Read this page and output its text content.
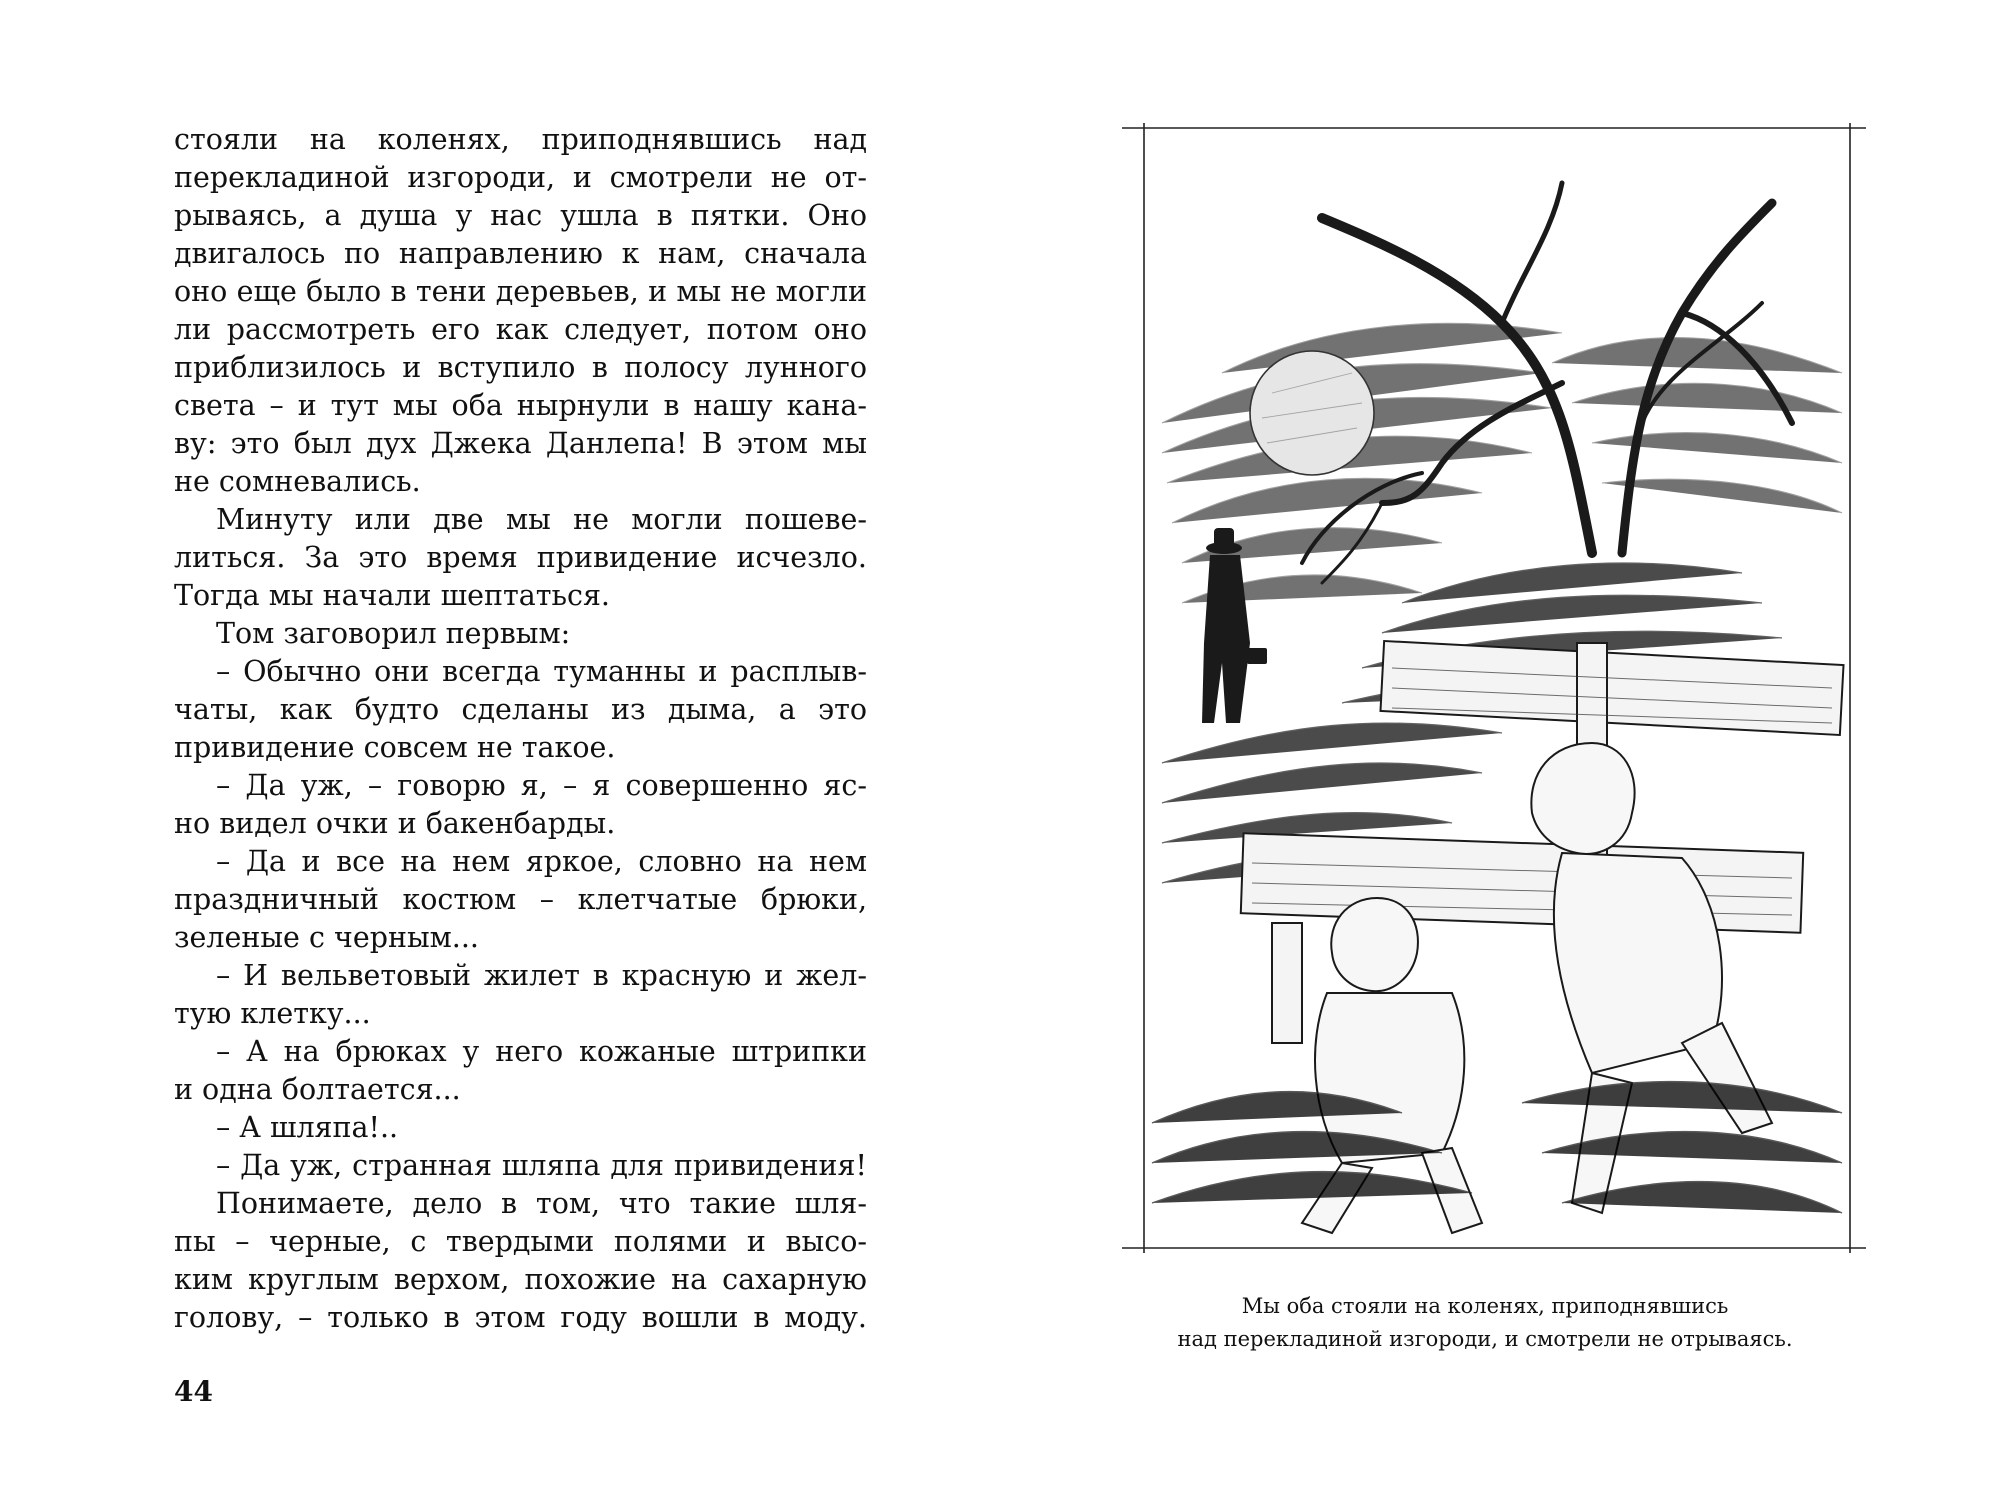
стояли на коленях, приподнявшись над
перекладиной изгороди, и смотрели не от-
рываясь, а душа у нас ушла в пятки. Оно
двигалось по направлению к нам, сначала
оно еще было в тени деревьев, и мы не могли
ли рассмотреть его как следует, потом оно
приблизилось и вступило в полосу лунного
света – и тут мы оба нырнули в нашу кана-
ву: это был дух Джека Данлепа! В этом мы
не сомневались.
Минуту или две мы не могли пошеве-
литься. За это время привидение исчезло.
Тогда мы начали шептаться.
Том заговорил первым:
– Обычно они всегда туманны и расплыв-
чаты, как будто сделаны из дыма, а это
привидение совсем не такое.
– Да уж, – говорю я, – я совершенно яс-
но видел очки и бакенбарды.
– Да и все на нем яркое, словно на нем
праздничный костюм – клетчатые брюки,
зеленые с черным...
– И вельветовый жилет в красную и жел-
тую клетку...
– А на брюках у него кожаные штрипки
и одна болтается...
– А шляпа!..
– Да уж, странная шляпа для привидения!
Понимаете, дело в том, что такие шля-
пы – черные, с твердыми полями и высо-
ким круглым верхом, похожие на сахарную
голову, – только в этом году вошли в моду.
44
Мы оба стояли на коленях, приподнявшись
над перекладиной изгороди, и смотрели не отрываясь.
